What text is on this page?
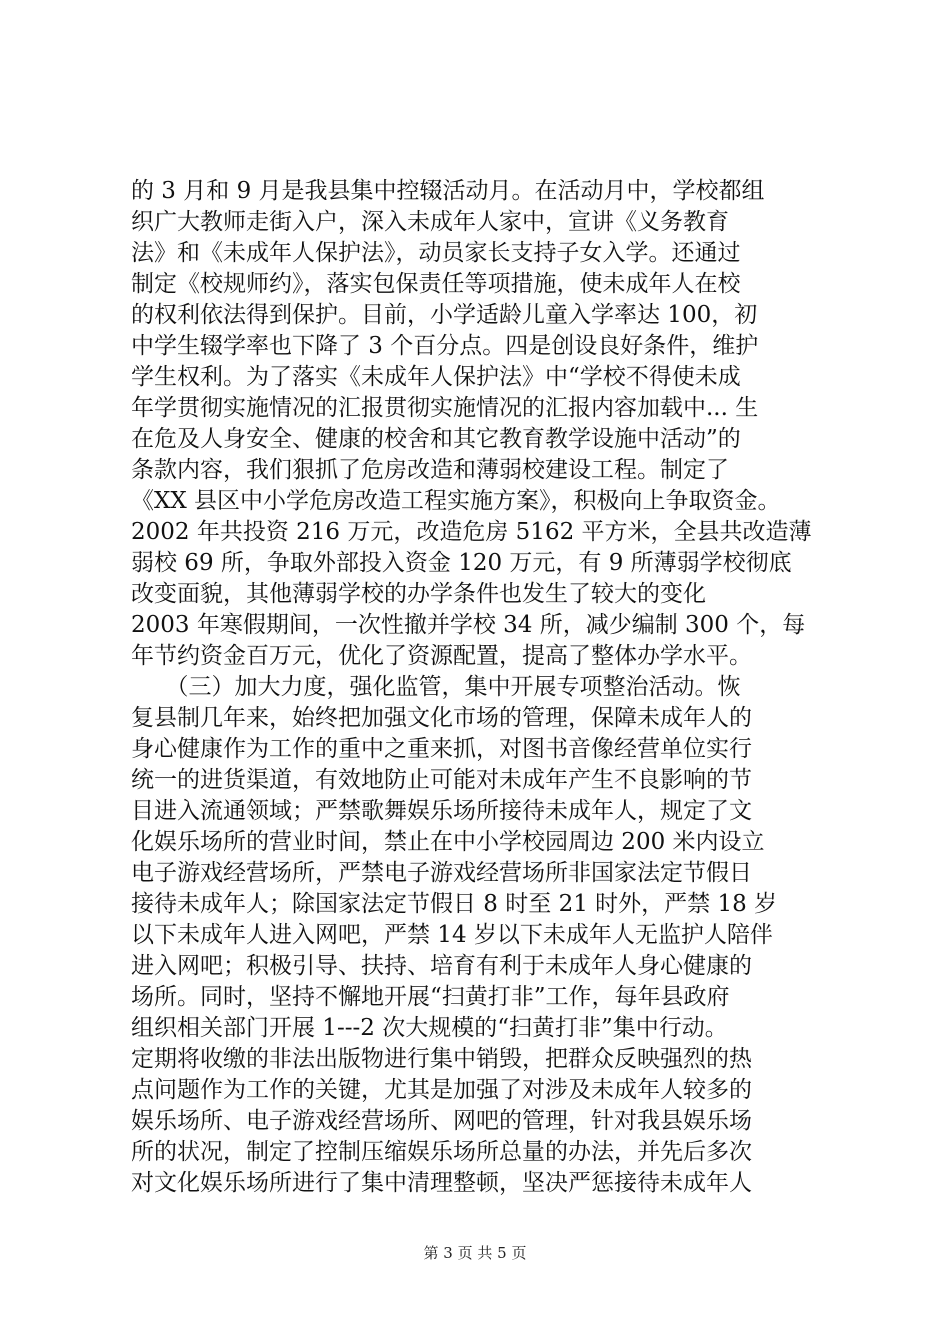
的 3 月和 9 月是我县集中控辍活动月。在活动月中，学校都组
织广大教师走街入户，深入未成年人家中，宣讲《义务教育
法》和《未成年人保护法》，动员家长支持子女入学。还通过
制定《校规师约》，落实包保责任等项措施，使未成年人在校
的权利依法得到保护。目前，小学适龄儿童入学率达 100，初
中学生辍学率也下降了 3 个百分点。四是创设良好条件，维护
学生权利。为了落实《未成年人保护法》中“学校不得使未成
年学贯彻实施情况的汇报贯彻实施情况的汇报内容加载中... 生
在危及人身安全、健康的校舍和其它教育教学设施中活动”的
条款内容，我们狠抓了危房改造和薄弱校建设工程。制定了
《XX 县区中小学危房改造工程实施方案》，积极向上争取资金。
2002 年共投资 216 万元，改造危房 5162 平方米，全县共改造薄
弱校 69 所，争取外部投入资金 120 万元，有 9 所薄弱学校彻底
改变面貌，其他薄弱学校的办学条件也发生了较大的变化
2003 年寒假期间，一次性撤并学校 34 所，减少编制 300 个，每
年节约资金百万元，优化了资源配置，提高了整体办学水平。
　　（三）加大力度，强化监管，集中开展专项整治活动。恢
复县制几年来，始终把加强文化市场的管理，保障未成年人的
身心健康作为工作的重中之重来抓，对图书音像经营单位实行
统一的进货渠道，有效地防止可能对未成年产生不良影响的节
目进入流通领域；严禁歌舞娱乐场所接待未成年人，规定了文
化娱乐场所的营业时间，禁止在中小学校园周边 200 米内设立
电子游戏经营场所，严禁电子游戏经营场所非国家法定节假日
接待未成年人；除国家法定节假日 8 时至 21 时外，严禁 18 岁
以下未成年人进入网吧，严禁 14 岁以下未成年人无监护人陪伴
进入网吧；积极引导、扶持、培育有利于未成年人身心健康的
场所。同时，坚持不懈地开展“扫黄打非”工作，每年县政府
组织相关部门开展 1---2 次大规模的“扫黄打非”集中行动。
定期将收缴的非法出版物进行集中销毁，把群众反映强烈的热
点问题作为工作的关键，尤其是加强了对涉及未成年人较多的
娱乐场所、电子游戏经营场所、网吧的管理，针对我县娱乐场
所的状况，制定了控制压缩娱乐场所总量的办法，并先后多次
对文化娱乐场所进行了集中清理整顿，坚决严惩接待未成年人
第 3 页 共 5 页
